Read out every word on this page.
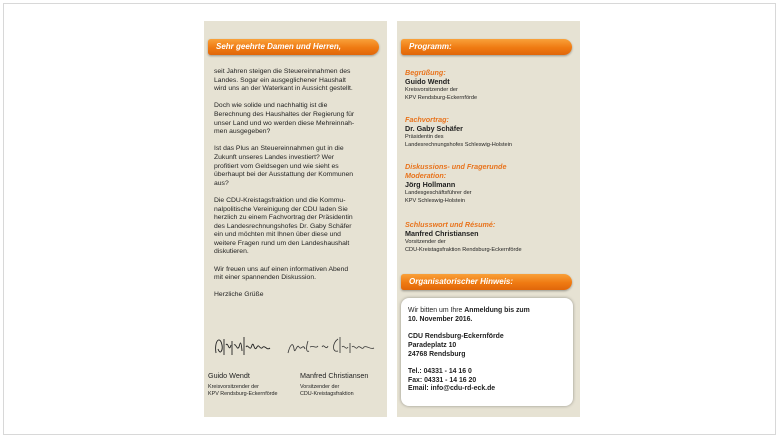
Sehr geehrte Damen und Herren,

seit Jahren steigen die Steuereinnahmen des
Landes. Sogar ein ausgeglichener Haushalt
wird uns an der Waterkant in Aussicht gestellt.

Doch wie solide und nachhaltig ist die
Berechnung des Haushaltes der Regierung für
unser Land und wo werden diese Mehreinnah-
men ausgegeben?

Ist das Plus an Steuereinnahmen gut in die
Zukunft unseres Landes investiert? Wer
profitiert vom Geldsegen und wie sieht es
überhaupt bei der Ausstattung der Kommunen
aus?

Die CDU-Kreistagsfraktion und die Kommu-
nalpolitische Vereinigung der CDU laden Sie
herzlich zu einem Fachvortrag der Präsidentin
des Landesrechnungshofes Dr. Gaby Schäfer
ein und möchten mit Ihnen über diese und
weitere Fragen rund um den Landeshaushalt
diskutieren.

Wir freuen uns auf einen informativen Abend
mit einer spannenden Diskussion.

Herzliche Grüße

Guido Wendt
Kreisvorsitzender der
KPV Rendsburg-Eckernförde
Manfred Christiansen
Vorsitzender der
CDU-Kreistagsfraktion
Programm:
Begrüßung:
Guido Wendt
Kreisvorsitzender der
KPV Rendsburg-Eckernförde
Fachvortrag:
Dr. Gaby Schäfer
Präsidentin des
Landesrechnungshofes Schleswig-Holstein
Diskussions- und Fragerunde
Moderation:
Jörg Hollmann
Landesgeschäftsführer der
KPV Schleswig-Holstein
Schlusswort und Résumé:
Manfred Christiansen
Vorsitzender der
CDU-Kreistagsfraktion Rendsburg-Eckernförde
Organisatorischer Hinweis:
Wir bitten um Ihre Anmeldung bis zum
10. November 2016.
CDU Rendsburg-Eckernförde
Paradeplatz 10
24768 Rendsburg
Tel.: 04331 - 14 16 0
Fax: 04331 - 14 16 20
Email: info@cdu-rd-eck.de
